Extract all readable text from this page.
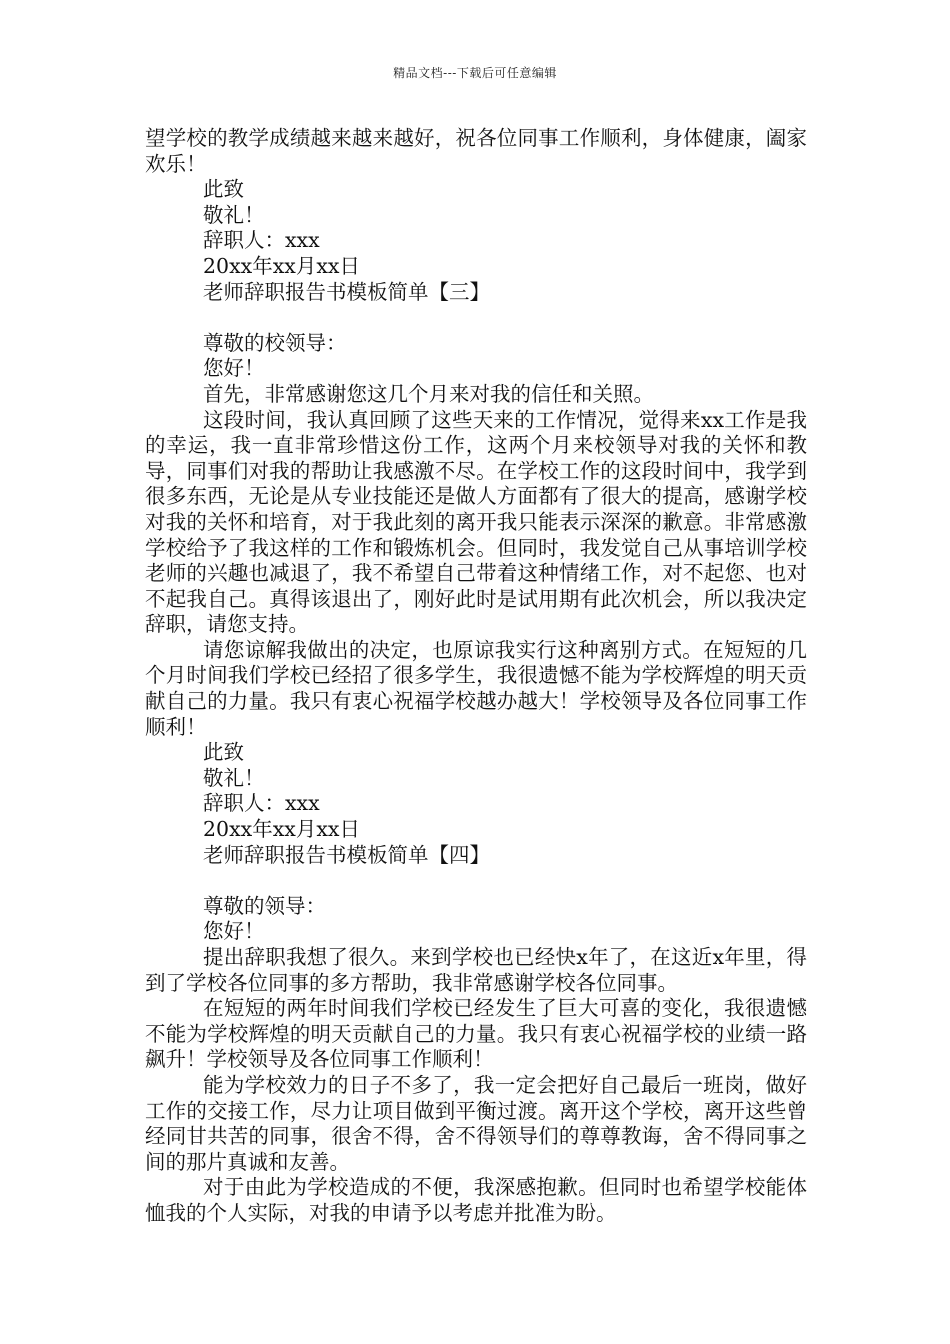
精品文档---下载后可任意编辑

望学校的教学成绩越来越来越好，祝各位同事工作顺利，身体健康，阖家欢乐！

此致
敬礼！
辞职人：xxx
20xx年xx月xx日
老师辞职报告书模板简单【三】
尊敬的校领导：
您好！
首先，非常感谢您这几个月来对我的信任和关照。

这段时间，我认真回顾了这些天来的工作情况，觉得来xx工作是我的幸运，我一直非常珍惜这份工作，这两个月来校领导对我的关怀和教导，同事们对我的帮助让我感激不尽。在学校工作的这段时间中，我学到很多东西，无论是从专业技能还是做人方面都有了很大的提高，感谢学校对我的关怀和培育，对于我此刻的离开我只能表示深深的歉意。非常感激学校给予了我这样的工作和锻炼机会。但同时，我发觉自己从事培训学校老师的兴趣也减退了，我不希望自己带着这种情绪工作，对不起您、也对不起我自己。真得该退出了，刚好此时是试用期有此次机会，所以我决定辞职，请您支持。

请您谅解我做出的决定，也原谅我实行这种离别方式。在短短的几个月时间我们学校已经招了很多学生，我很遗憾不能为学校辉煌的明天贡献自己的力量。我只有衷心祝福学校越办越大！学校领导及各位同事工作顺利！

此致
敬礼！
辞职人：xxx
20xx年xx月xx日
老师辞职报告书模板简单【四】
尊敬的领导：
您好！

提出辞职我想了很久。来到学校也已经快x年了，在这近x年里，得到了学校各位同事的多方帮助，我非常感谢学校各位同事。

在短短的两年时间我们学校已经发生了巨大可喜的变化，我很遗憾不能为学校辉煌的明天贡献自己的力量。我只有衷心祝福学校的业绩一路飙升！学校领导及各位同事工作顺利！

能为学校效力的日子不多了，我一定会把好自己最后一班岗，做好工作的交接工作，尽力让项目做到平衡过渡。离开这个学校，离开这些曾经同甘共苦的同事，很舍不得，舍不得领导们的尊尊教诲，舍不得同事之间的那片真诚和友善。

对于由此为学校造成的不便，我深感抱歉。但同时也希望学校能体恤我的个人实际，对我的申请予以考虑并批准为盼。
